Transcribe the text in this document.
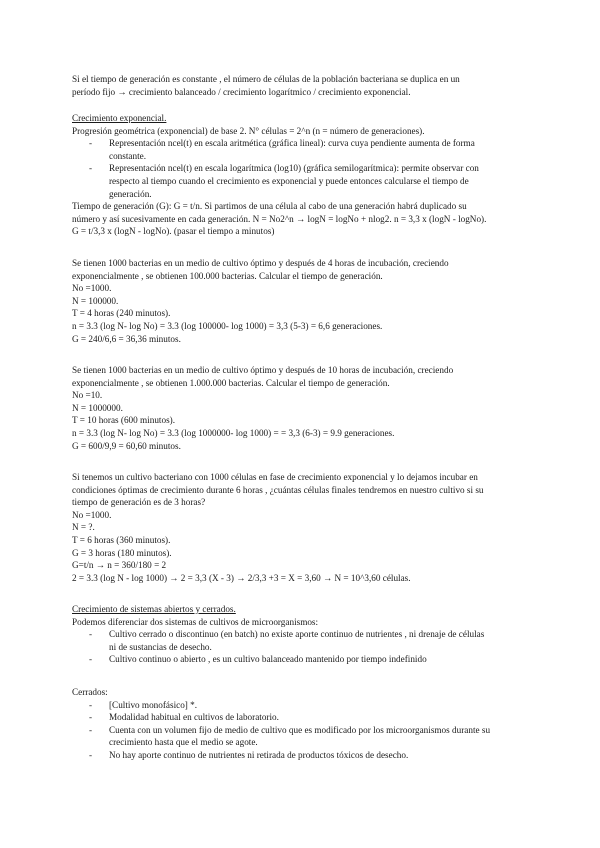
Si el tiempo de generación es constante , el número de células de la población bacteriana se duplica en un

período fijo → crecimiento balanceado / crecimiento logarítmico / crecimiento exponencial.

Crecimiento exponencial.

Progresión geométrica (exponencial) de base 2. N° células = 2^n (n = número de generaciones).

- Representación ncel(t) en escala aritmética (gráfica lineal): curva cuya pendiente aumenta de forma

constante.

- Representación ncel(t) en escala logarítmica (log10) (gráfica semilogarítmica): permite observar con

respecto al tiempo cuando el crecimiento es exponencial y puede entonces calcularse el tiempo de

generación.

Tiempo de generación (G): G = t/n. Si partimos de una célula al cabo de una generación habrá duplicado su

número y así sucesivamente en cada generación. N = No2^n → logN = logNo + nlog2. n = 3,3 x (logN - logNo).

G = t/3,3 x (logN - logNo). (pasar el tiempo a minutos)

Se tienen 1000 bacterias en un medio de cultivo óptimo y después de 4 horas de incubación, creciendo

exponencialmente , se obtienen 100.000 bacterias. Calcular el tiempo de generación.

No =1000.

N = 100000.

T = 4 horas (240 minutos).

n = 3.3 (log N- log No) = 3.3 (log 100000- log 1000) = 3,3 (5-3) = 6,6 generaciones.

G = 240/6,6 = 36,36 minutos.

Se tienen 1000 bacterias en un medio de cultivo óptimo y después de 10 horas de incubación, creciendo

exponencialmente , se obtienen 1.000.000 bacterias. Calcular el tiempo de generación.

No =10.

N = 1000000.

T = 10 horas (600 minutos).

n = 3.3 (log N- log No) = 3.3 (log 1000000- log 1000) = = 3,3 (6-3) = 9.9 generaciones.

G = 600/9,9 = 60,60 minutos.

Si tenemos un cultivo bacteriano con 1000 células en fase de crecimiento exponencial y lo dejamos incubar en

condiciones óptimas de crecimiento durante 6 horas , ¿cuántas células finales tendremos en nuestro cultivo si su

tiempo de generación es de 3 horas?

No =1000.

N = ?.

T = 6 horas (360 minutos).

G = 3 horas (180 minutos).

G=t/n → n = 360/180 = 2

2 = 3.3 (log N - log 1000) → 2 = 3,3 (X - 3) → 2/3,3 +3 = X = 3,60 → N = 10^3,60 células.

Crecimiento de sistemas abiertos y cerrados.

Podemos diferenciar dos sistemas de cultivos de microorganismos:

- Cultivo cerrado o discontinuo (en batch) no existe aporte continuo de nutrientes , ni drenaje de células

ni de sustancias de desecho.

- Cultivo continuo o abierto , es un cultivo balanceado mantenido por tiempo indefinido

Cerrados:

- [Cultivo monofásico] *.

- Modalidad habitual en cultivos de laboratorio.

- Cuenta con un volumen fijo de medio de cultivo que es modificado por los microorganismos durante su

crecimiento hasta que el medio se agote.

- No hay aporte continuo de nutrientes ni retirada de productos tóxicos de desecho.
